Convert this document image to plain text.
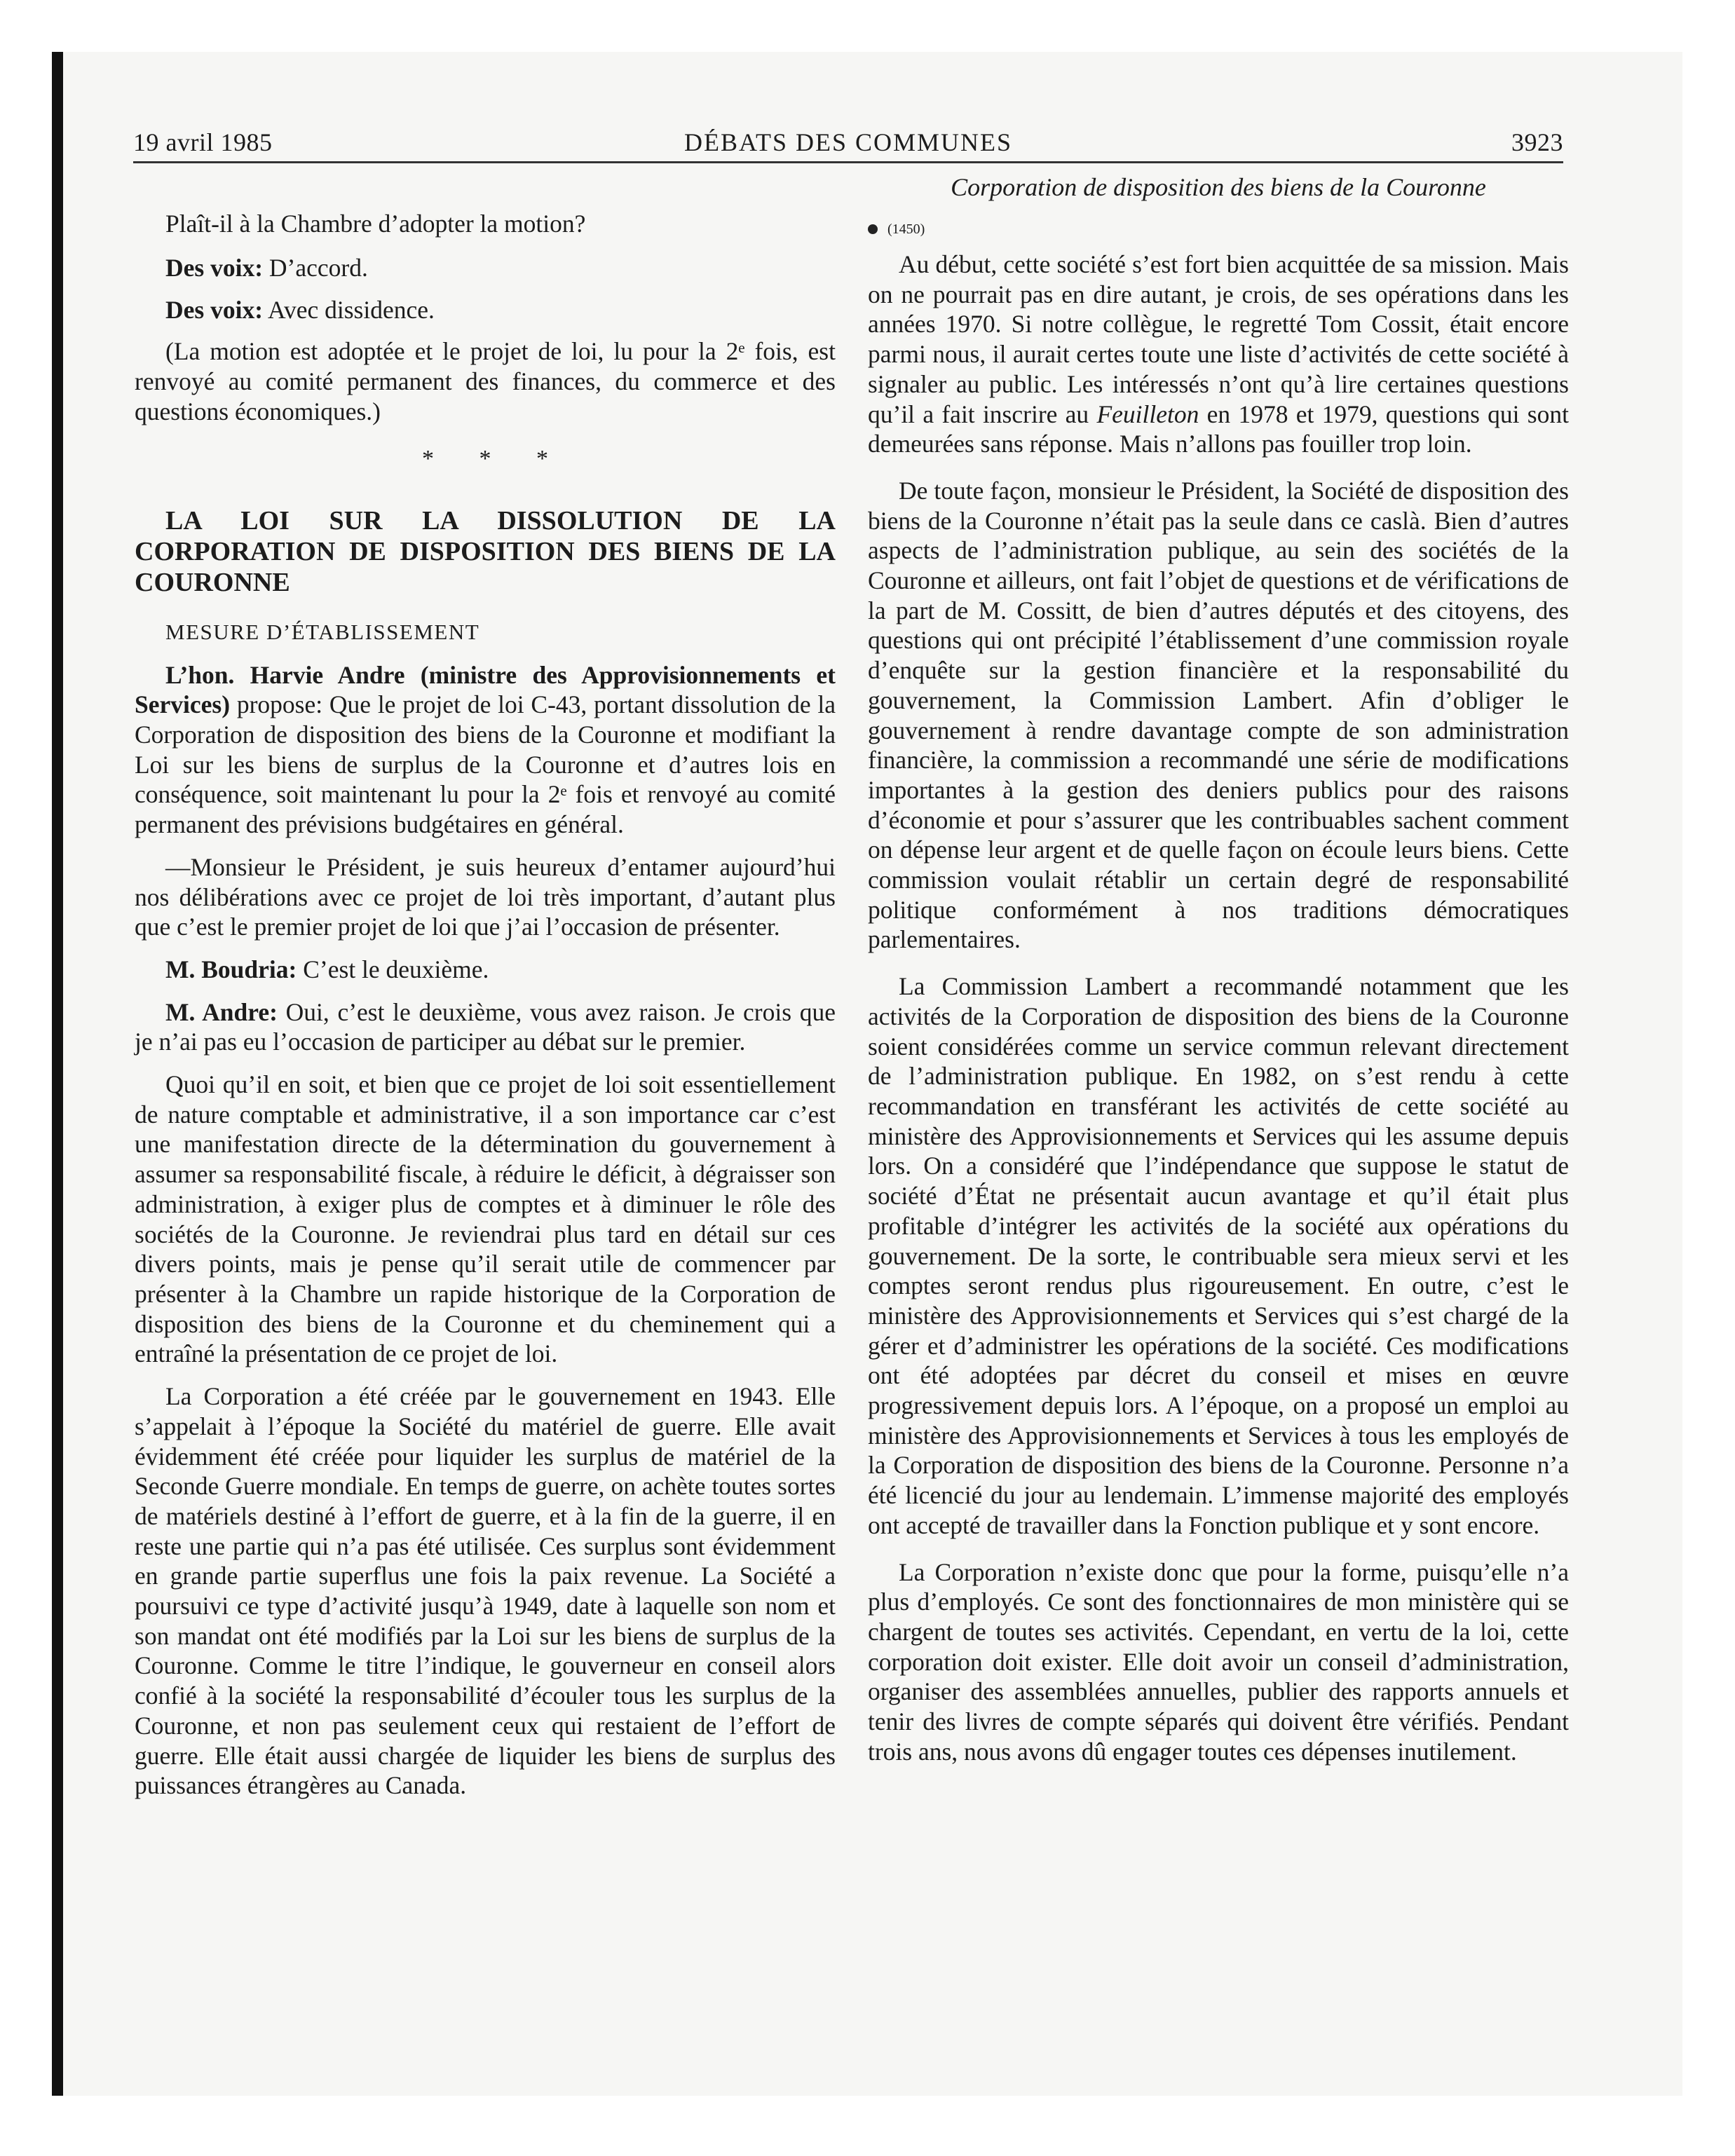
19 avril 1985	DÉBATS DES COMMUNES	3923

Plaît-il à la Chambre d’adopter la motion?

Des voix: D’accord.

Des voix: Avec dissidence.

(La motion est adoptée et le projet de loi, lu pour la 2ᵉ fois, est renvoyé au comité permanent des finances, du commerce et des questions économiques.)

* * *

LA LOI SUR LA DISSOLUTION DE LA CORPORATION DE DISPOSITION DES BIENS DE LA COURONNE

MESURE D’ÉTABLISSEMENT

L’hon. Harvie Andre (ministre des Approvisionnements et Services) propose: Que le projet de loi C-43, portant dissolution de la Corporation de disposition des biens de la Couronne et modifiant la Loi sur les biens de surplus de la Couronne et d’autres lois en conséquence, soit maintenant lu pour la 2ᵉ fois et renvoyé au comité permanent des prévisions budgétaires en général.

—Monsieur le Président, je suis heureux d’entamer aujourd’hui nos délibérations avec ce projet de loi très important, d’autant plus que c’est le premier projet de loi que j’ai l’occasion de présenter.

M. Boudria: C’est le deuxième.

M. Andre: Oui, c’est le deuxième, vous avez raison. Je crois que je n’ai pas eu l’occasion de participer au débat sur le premier.

Quoi qu’il en soit, et bien que ce projet de loi soit essentiellement de nature comptable et administrative, il a son importance car c’est une manifestation directe de la détermination du gouvernement à assumer sa responsabilité fiscale, à réduire le déficit, à dégraisser son administration, à exiger plus de comptes et à diminuer le rôle des sociétés de la Couronne. Je reviendrai plus tard en détail sur ces divers points, mais je pense qu’il serait utile de commencer par présenter à la Chambre un rapide historique de la Corporation de disposition des biens de la Couronne et du cheminement qui a entraîné la présentation de ce projet de loi.

La Corporation a été créée par le gouvernement en 1943. Elle s’appelait à l’époque la Société du matériel de guerre. Elle avait évidemment été créée pour liquider les surplus de matériel de la Seconde Guerre mondiale. En temps de guerre, on achète toutes sortes de matériels destiné à l’effort de guerre, et à la fin de la guerre, il en reste une partie qui n’a pas été utilisée. Ces surplus sont évidemment en grande partie superflus une fois la paix revenue. La Société a poursuivi ce type d’activité jusqu’à 1949, date à laquelle son nom et son mandat ont été modifiés par la Loi sur les biens de surplus de la Couronne. Comme le titre l’indique, le gouverneur en conseil alors confié à la société la responsabilité d’écouler tous les surplus de la Couronne, et non pas seulement ceux qui restaient de l’effort de guerre. Elle était aussi chargée de liquider les biens de surplus des puissances étrangères au Canada.

Corporation de disposition des biens de la Couronne
(1450)

Au début, cette société s’est fort bien acquittée de sa mission. Mais on ne pourrait pas en dire autant, je crois, de ses opérations dans les années 1970. Si notre collègue, le regretté Tom Cossit, était encore parmi nous, il aurait certes toute une liste d’activités de cette société à signaler au public. Les intéressés n’ont qu’à lire certaines questions qu’il a fait inscrire au Feuilleton en 1978 et 1979, questions qui sont demeurées sans réponse. Mais n’allons pas fouiller trop loin.

De toute façon, monsieur le Président, la Société de disposition des biens de la Couronne n’était pas la seule dans ce caslà. Bien d’autres aspects de l’administration publique, au sein des sociétés de la Couronne et ailleurs, ont fait l’objet de questions et de vérifications de la part de M. Cossitt, de bien d’autres députés et des citoyens, des questions qui ont précipité l’établissement d’une commission royale d’enquête sur la gestion financière et la responsabilité du gouvernement, la Commission Lambert. Afin d’obliger le gouvernement à rendre davantage compte de son administration financière, la commission a recommandé une série de modifications importantes à la gestion des deniers publics pour des raisons d’économie et pour s’assurer que les contribuables sachent comment on dépense leur argent et de quelle façon on écoule leurs biens. Cette commission voulait rétablir un certain degré de responsabilité politique conformément à nos traditions démocratiques parlementaires.

La Commission Lambert a recommandé notamment que les activités de la Corporation de disposition des biens de la Couronne soient considérées comme un service commun relevant directement de l’administration publique. En 1982, on s’est rendu à cette recommandation en transférant les activités de cette société au ministère des Approvisionnements et Services qui les assume depuis lors. On a considéré que l’indépendance que suppose le statut de société d’État ne présentait aucun avantage et qu’il était plus profitable d’intégrer les activités de la société aux opérations du gouvernement. De la sorte, le contribuable sera mieux servi et les comptes seront rendus plus rigoureusement. En outre, c’est le ministère des Approvisionnements et Services qui s’est chargé de la gérer et d’administrer les opérations de la société. Ces modifications ont été adoptées par décret du conseil et mises en œuvre progressivement depuis lors. A l’époque, on a proposé un emploi au ministère des Approvisionnements et Services à tous les employés de la Corporation de disposition des biens de la Couronne. Personne n’a été licencié du jour au lendemain. L’immense majorité des employés ont accepté de travailler dans la Fonction publique et y sont encore.

La Corporation n’existe donc que pour la forme, puisqu’elle n’a plus d’employés. Ce sont des fonctionnaires de mon ministère qui se chargent de toutes ses activités. Cependant, en vertu de la loi, cette corporation doit exister. Elle doit avoir un conseil d’administration, organiser des assemblées annuelles, publier des rapports annuels et tenir des livres de compte séparés qui doivent être vérifiés. Pendant trois ans, nous avons dû engager toutes ces dépenses inutilement.
